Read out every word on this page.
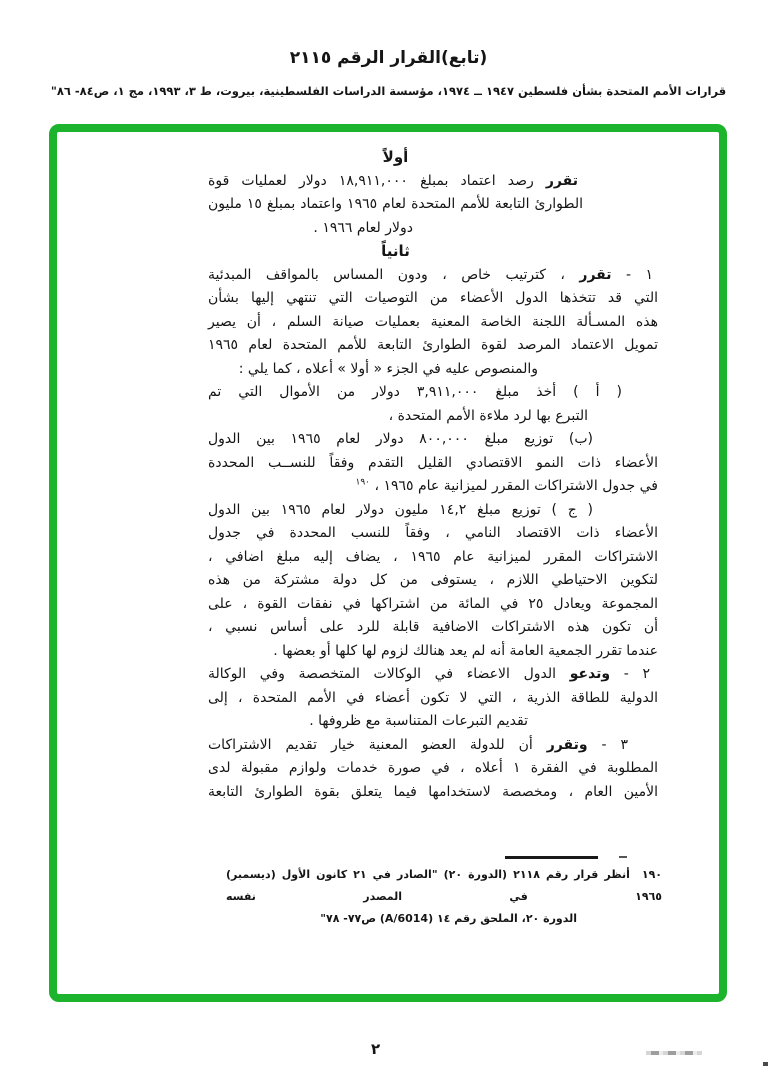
(تابع)القرار الرقم ٢١١٥
قرارات الأمم المتحدة بشأن فلسطين ١٩٤٧ ــ ١٩٧٤، مؤسسة الدراسات الفلسطينية، بيروت، ط ٣، ١٩٩٣، مج ١، ص٨٤- ٨٦"
أولاً
تقرر رصد اعتماد بمبلغ ١٨,٩١١,٠٠٠ دولار لعمليات قوة
الطوارئ التابعة للأمم المتحدة لعام ١٩٦٥ واعتماد بمبلغ ١٥ مليون
دولار لعام ١٩٦٦ .
ثانياً
١ - تقرر ، كترتيب خاص ، ودون المساس بالمواقف المبدئية
التي قد تتخذها الدول الأعضاء من التوصيات التي تنتهي إليها بشأن
هذه المسـألة اللجنة الخاصة المعنية بعمليات صيانة السلم ، أن يصير
تمويل الاعتماد المرصد لقوة الطوارئ التابعة للأمم المتحدة لعام ١٩٦٥
والمنصوص عليه في الجزء « أولا » أعلاه ، كما يلي :
( أ ) أخذ مبلغ ٣,٩١١,٠٠٠ دولار من الأموال التي تم
التبرع بها لرد ملاءة الأمم المتحدة ،
(ب) توزيع مبلغ ٨٠٠,٠٠٠ دولار لعام ١٩٦٥ بين الدول
الأعضاء ذات النمو الاقتصادي القليل التقدم وفقاً للنســب المحددة
في جدول الاشتراكات المقرر لميزانية عام ١٩٦٥ ، $^{١٩٠}$
( ج ) توزيع مبلغ ١٤,٢ مليون دولار لعام ١٩٦٥ بين الدول
الأعضاء ذات الاقتصاد النامي ، وفقاً للنسب المحددة في جدول
الاشتراكات المقرر لميزانية عام ١٩٦٥ ، يضاف إليه مبلغ اضافي ،
لتكوين الاحتياطي اللازم ، يستوفى من كل دولة مشتركة من هذه
المجموعة ويعادل ٢٥ في المائة من اشتراكها في نفقات القوة ، على
أن تكون هذه الاشتراكات الاضافية قابلة للرد على أساس نسبي ،
عندما تقرر الجمعية العامة أنه لم يعد هنالك لزوم لها كلها أو بعضها .
٢ - وتدعو الدول الاعضاء في الوكالات المتخصصة وفي الوكالة
الدولية للطاقة الذرية ، التي لا تكون أعضاء في الأمم المتحدة ، إلى
تقديم التبرعات المتناسبة مع ظروفها .
٣ - وتقرر أن للدولة العضو المعنية خيار تقديم الاشتراكات
المطلوبة في الفقرة ١ أعلاه ، في صورة خدمات ولوازم مقبولة لدى
الأمين العام ، ومخصصة لاستخدامها فيما يتعلق بقوة الطوارئ التابعة
١٩٠أنظر قرار رقم ٢١١٨ (الدورة ٢٠) "الصادر في ٢١ كانون الأول (ديسمبر) ١٩٦٥ في المصدر نفسه
الدورة ٢٠، الملحق رقم ١٤ (A/6014) ص٧٧- ٧٨"
٢
